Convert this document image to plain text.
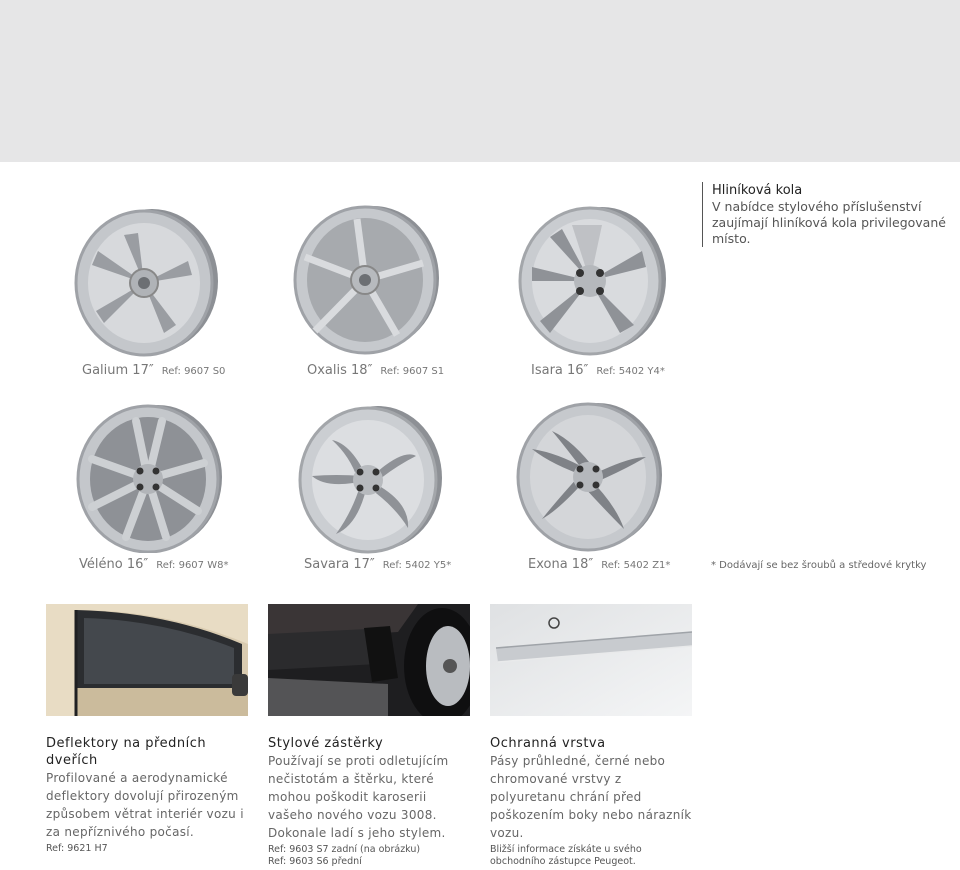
Hliníková kola
V nabídce stylového příslušenství zaujímají hliníková kola privilegované místo.
Galium 17″ Ref: 9607 S0	Oxalis 18″ Ref: 9607 S1	Isara 16″ Ref: 5402 Y4*
Véléno 16″ Ref: 9607 W8*	Savara 17″ Ref: 5402 Y5*	Exona 18″ Ref: 5402 Z1*	* Dodávají se bez šroubů a středové krytky
Deflektory na předních dveřích
Profilované a aerodynamické deflektory dovolují přirozeným způsobem větrat interiér vozu i za nepříznivého počasí.
Ref: 9621 H7
Stylové zástěrky
Používají se proti odletujícím nečistotám a štěrku, které mohou poškodit karoserii vašeho nového vozu 3008. Dokonale ladí s jeho stylem.
Ref: 9603 S7 zadní (na obrázku)
Ref: 9603 S6 přední
Ochranná vrstva
Pásy průhledné, černé nebo chromované vrstvy z polyuretanu chrání před poškozením boky nebo nárazník vozu.
Bližší informace získáte u svého obchodního zástupce Peugeot.
